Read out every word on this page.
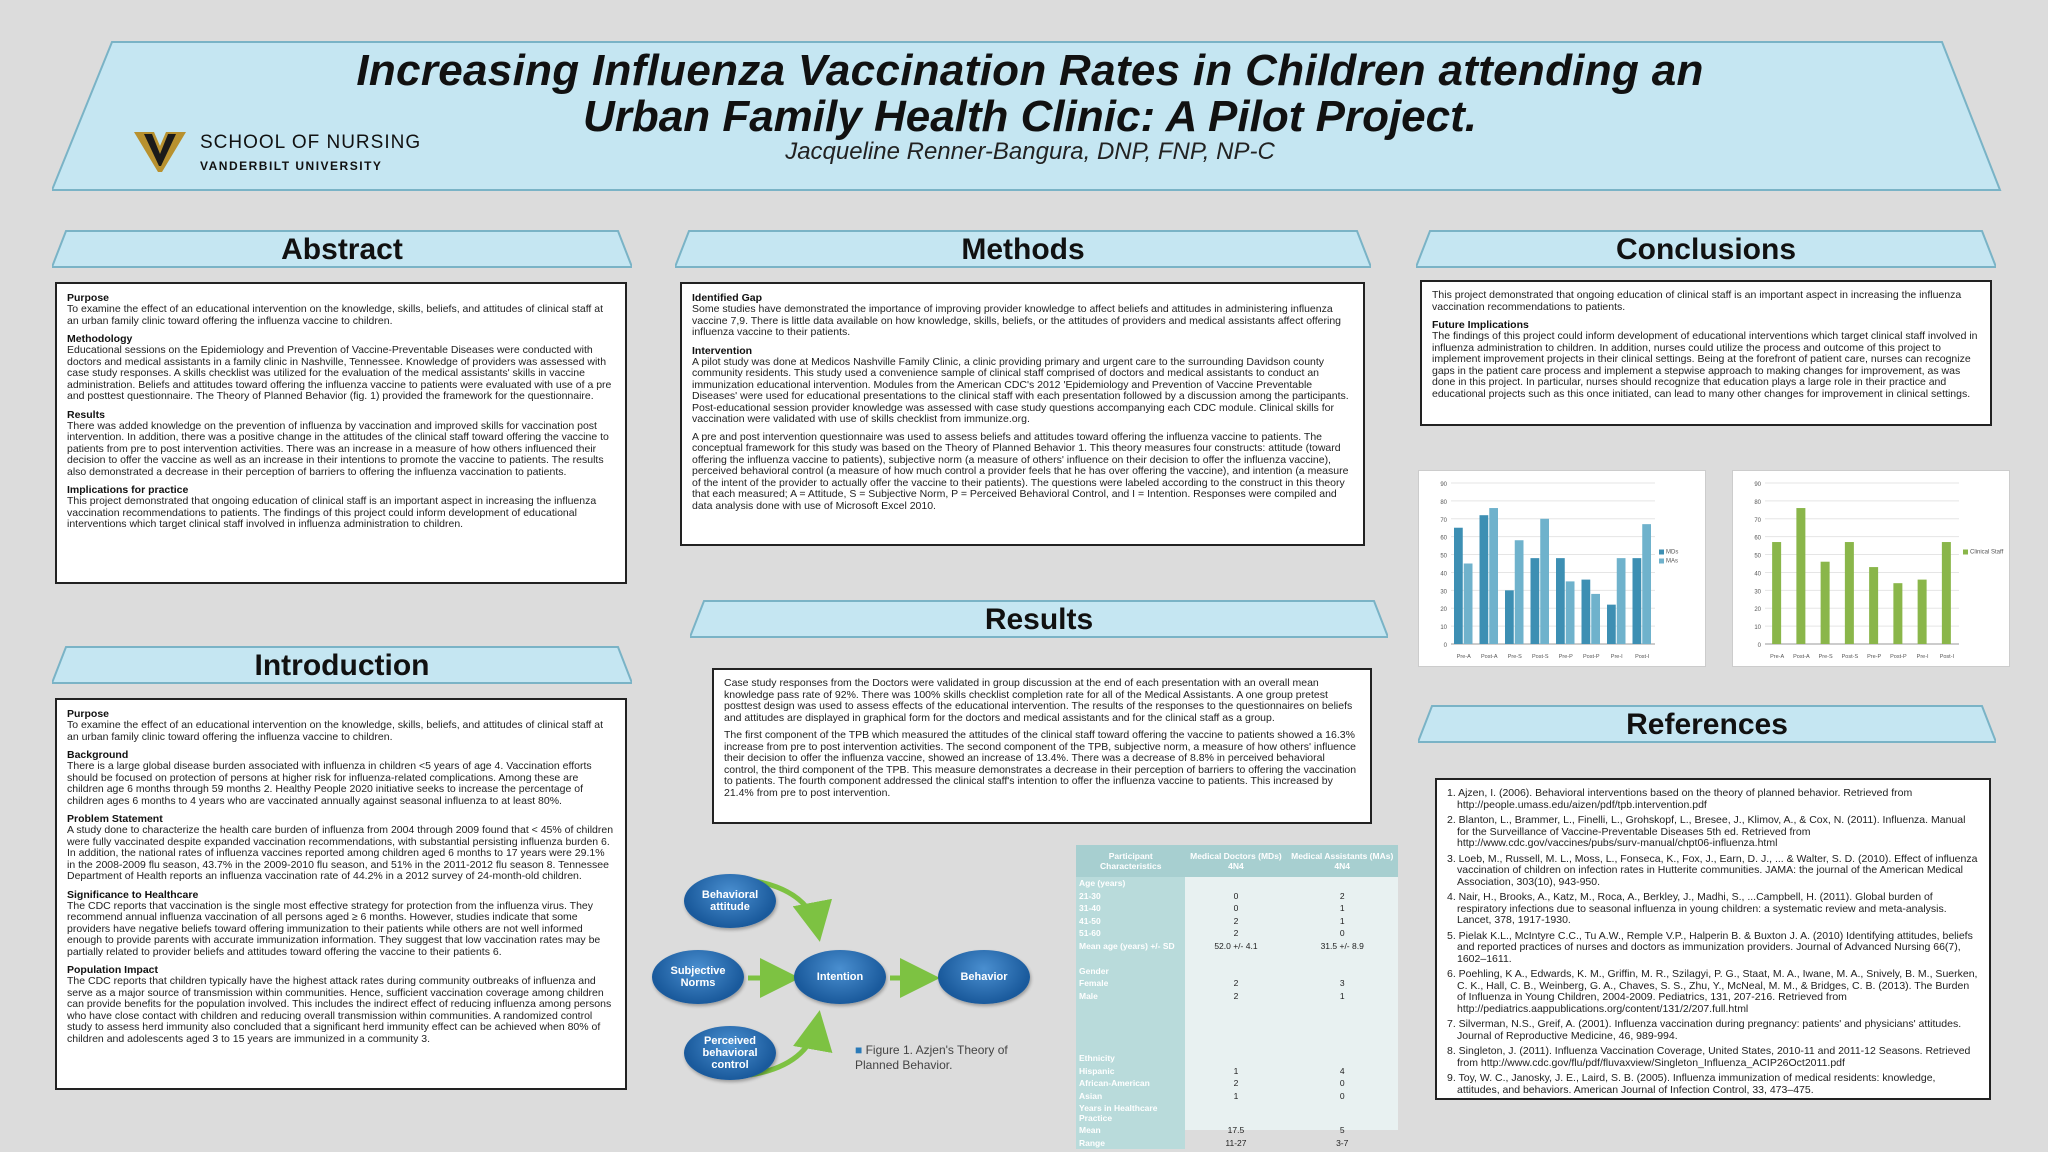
Increasing Influenza Vaccination Rates in Children attending an
Urban Family Health Clinic: A Pilot Project.
Jacqueline Renner-Bangura, DNP, FNP, NP-C
SCHOOL OF NURSING
VANDERBILT UNIVERSITY
Abstract
Purpose

To examine the effect of an educational intervention on the knowledge, skills, beliefs, and attitudes of clinical staff at an urban family clinic toward offering the influenza vaccine to children.

Methodology

Educational sessions on the Epidemiology and Prevention of Vaccine-Preventable Diseases were conducted with doctors and medical assistants in a family clinic in Nashville, Tennessee. Knowledge of providers was assessed with case study responses. A skills checklist was utilized for the evaluation of the medical assistants' skills in vaccine administration. Beliefs and attitudes toward offering the influenza vaccine to patients were evaluated with use of a pre and posttest questionnaire. The Theory of Planned Behavior (fig. 1) provided the framework for the questionnaire.

Results

There was added knowledge on the prevention of influenza by vaccination and improved skills for vaccination post intervention. In addition, there was a positive change in the attitudes of the clinical staff toward offering the vaccine to patients from pre to post intervention activities. There was an increase in a measure of how others influenced their decision to offer the vaccine as well as an increase in their intentions to promote the vaccine to patients. The results also demonstrated a decrease in their perception of barriers to offering the influenza vaccination to patients.

Implications for practice

This project demonstrated that ongoing education of clinical staff is an important aspect in increasing the influenza vaccination recommendations to patients. The findings of this project could inform development of educational interventions which target clinical staff involved in influenza administration to children.

Introduction
Purpose

To examine the effect of an educational intervention on the knowledge, skills, beliefs, and attitudes of clinical staff at an urban family clinic toward offering the influenza vaccine to children.

Background

There is a large global disease burden associated with influenza in children <5 years of age 4. Vaccination efforts should be focused on protection of persons at higher risk for influenza-related complications. Among these are children age 6 months through 59 months 2. Healthy People 2020 initiative seeks to increase the percentage of children ages 6 months to 4 years who are vaccinated annually against seasonal influenza to at least 80%.

Problem Statement

A study done to characterize the health care burden of influenza from 2004 through 2009 found that < 45% of children were fully vaccinated despite expanded vaccination recommendations, with substantial persisting influenza burden 6. In addition, the national rates of influenza vaccines reported among children aged 6 months to 17 years were 29.1% in the 2008-2009 flu season, 43.7% in the 2009-2010 flu season, and 51% in the 2011-2012 flu season 8. Tennessee Department of Health reports an influenza vaccination rate of 44.2% in a 2012 survey of 24-month-old children.

Significance to Healthcare

The CDC reports that vaccination is the single most effective strategy for protection from the influenza virus. They recommend annual influenza vaccination of all persons aged ≥ 6 months. However, studies indicate that some providers have negative beliefs toward offering immunization to their patients while others are not well informed enough to provide parents with accurate immunization information. They suggest that low vaccination rates may be partially related to provider beliefs and attitudes toward offering the vaccine to their patients 6.

Population Impact

The CDC reports that children typically have the highest attack rates during community outbreaks of influenza and serve as a major source of transmission within communities. Hence, sufficient vaccination coverage among children can provide benefits for the population involved. This includes the indirect effect of reducing influenza among persons who have close contact with children and reducing overall transmission within communities. A randomized control study to assess herd immunity also concluded that a significant herd immunity effect can be achieved when 80% of children and adolescents aged 3 to 15 years are immunized in a community 3.

Methods
Identified Gap

Some studies have demonstrated the importance of improving provider knowledge to affect beliefs and attitudes in administering influenza vaccine 7,9. There is little data available on how knowledge, skills, beliefs, or the attitudes of providers and medical assistants affect offering influenza vaccine to their patients.

Intervention

A pilot study was done at Medicos Nashville Family Clinic, a clinic providing primary and urgent care to the surrounding Davidson county community residents. This study used a convenience sample of clinical staff comprised of doctors and medical assistants to conduct an immunization educational intervention. Modules from the American CDC's 2012 'Epidemiology and Prevention of Vaccine Preventable Diseases' were used for educational presentations to the clinical staff with each presentation followed by a discussion among the participants. Post-educational session provider knowledge was assessed with case study questions accompanying each CDC module. Clinical skills for vaccination were validated with use of skills checklist from immunize.org.

A pre and post intervention questionnaire was used to assess beliefs and attitudes toward offering the influenza vaccine to patients. The conceptual framework for this study was based on the Theory of Planned Behavior 1. This theory measures four constructs: attitude (toward offering the influenza vaccine to patients), subjective norm (a measure of others' influence on their decision to offer the influenza vaccine), perceived behavioral control (a measure of how much control a provider feels that he has over offering the vaccine), and intention (a measure of the intent of the provider to actually offer the vaccine to their patients). The questions were labeled according to the construct in this theory that each measured; A = Attitude, S = Subjective Norm, P = Perceived Behavioral Control, and I = Intention. Responses were compiled and data analysis done with use of Microsoft Excel 2010.

Results

Case study responses from the Doctors were validated in group discussion at the end of each presentation with an overall mean knowledge pass rate of 92%. There was 100% skills checklist completion rate for all of the Medical Assistants. A one group pretest posttest design was used to assess effects of the educational intervention. The results of the responses to the questionnaires on beliefs and attitudes are displayed in graphical form for the doctors and medical assistants and for the clinical staff as a group.

The first component of the TPB which measured the attitudes of the clinical staff toward offering the vaccine to patients showed a 16.3% increase from pre to post intervention activities. The second component of the TPB, subjective norm, a measure of how others' influence their decision to offer the influenza vaccine, showed an increase of 13.4%. There was a decrease of 8.8% in perceived behavioral control, the third component of the TPB. This measure demonstrates a decrease in their perception of barriers to offering the vaccination to patients. The fourth component addressed the clinical staff's intention to offer the influenza vaccine to patients. This increased by 21.4% from pre to post intervention.

Behavioral attitude
Subjective Norms
Perceived behavioral control
Intention	Behavior
■ Figure 1. Azjen's Theory of Planned Behavior.
Participant Characteristics	Medical Doctors (MDs) 4N4	Medical Assistants (MAs) 4N4
Age (years)		
21-30	0	2
31-40	0	1
41-50	2	1
51-60	2	0
Mean age (years) +/- SD	52.0 +/- 4.1	31.5 +/- 8.9

Gender		
Female	2	3
Male	2	1

Ethnicity		
Hispanic	1	4
African-American	2	0
Asian	1	0
Years in Healthcare Practice		
Mean	17.5	5
Range	11-27	3-7
Conclusions

This project demonstrated that ongoing education of clinical staff is an important aspect in increasing the influenza vaccination recommendations to patients.

Future Implications

The findings of this project could inform development of educational interventions which target clinical staff involved in influenza administration to children. In addition, nurses could utilize the process and outcome of this project to implement improvement projects in their clinical settings. Being at the forefront of patient care, nurses can recognize gaps in the patient care process and implement a stepwise approach to making changes for improvement, as was done in this project. In particular, nurses should recognize that education plays a large role in their practice and educational projects such as this once initiated, can lead to many other changes for improvement in clinical settings.

0
10
20
30
40
50
60
70
80
90
Pre-A Post-A Pre-S Post-S Pre-P Post-P Pre-I Post-I
MDs
MAs
0
10
20
30
40
50
60
70
80
90
Pre-A Post-A Pre-S Post-S Pre-P Post-P Pre-I Post-I
Clinical Staff
References

1. Ajzen, I. (2006). Behavioral interventions based on the theory of planned behavior. Retrieved from http://people.umass.edu/aizen/pdf/tpb.intervention.pdf

2. Blanton, L., Brammer, L., Finelli, L., Grohskopf, L., Bresee, J., Klimov, A., & Cox, N. (2011). Influenza. Manual for the Surveillance of Vaccine-Preventable Diseases 5th ed. Retrieved from http://www.cdc.gov/vaccines/pubs/surv-manual/chpt06-influenza.html

3. Loeb, M., Russell, M. L., Moss, L., Fonseca, K., Fox, J., Earn, D. J., ... & Walter, S. D. (2010). Effect of influenza vaccination of children on infection rates in Hutterite communities. JAMA: the journal of the American Medical Association, 303(10), 943-950.

4. Nair, H., Brooks, A., Katz, M., Roca, A., Berkley, J., Madhi, S., ...Campbell, H. (2011). Global burden of respiratory infections due to seasonal influenza in young children: a systematic review and meta-analysis. Lancet, 378, 1917-1930.

5. Pielak K.L., McIntyre C.C., Tu A.W., Remple V.P., Halperin B. & Buxton J. A. (2010) Identifying attitudes, beliefs and reported practices of nurses and doctors as immunization providers. Journal of Advanced Nursing 66(7), 1602–1611.

6. Poehling, K A., Edwards, K. M., Griffin, M. R., Szilagyi, P. G., Staat, M. A., Iwane, M. A., Snively, B. M., Suerken, C. K., Hall, C. B., Weinberg, G. A., Chaves, S. S., Zhu, Y., McNeal, M. M., & Bridges, C. B. (2013). The Burden of Influenza in Young Children, 2004-2009. Pediatrics, 131, 207-216. Retrieved from http://pediatrics.aappublications.org/content/131/2/207.full.html

7. Silverman, N.S., Greif, A. (2001). Influenza vaccination during pregnancy: patients' and physicians' attitudes. Journal of Reproductive Medicine, 46, 989-994.

8. Singleton, J. (2011). Influenza Vaccination Coverage, United States, 2010-11 and 2011-12 Seasons. Retrieved from http://www.cdc.gov/flu/pdf/fluvaxview/Singleton_Influenza_ACIP26Oct2011.pdf

9. Toy, W. C., Janosky, J. E., Laird, S. B. (2005). Influenza immunization of medical residents: knowledge, attitudes, and behaviors. American Journal of Infection Control, 33, 473–475.
